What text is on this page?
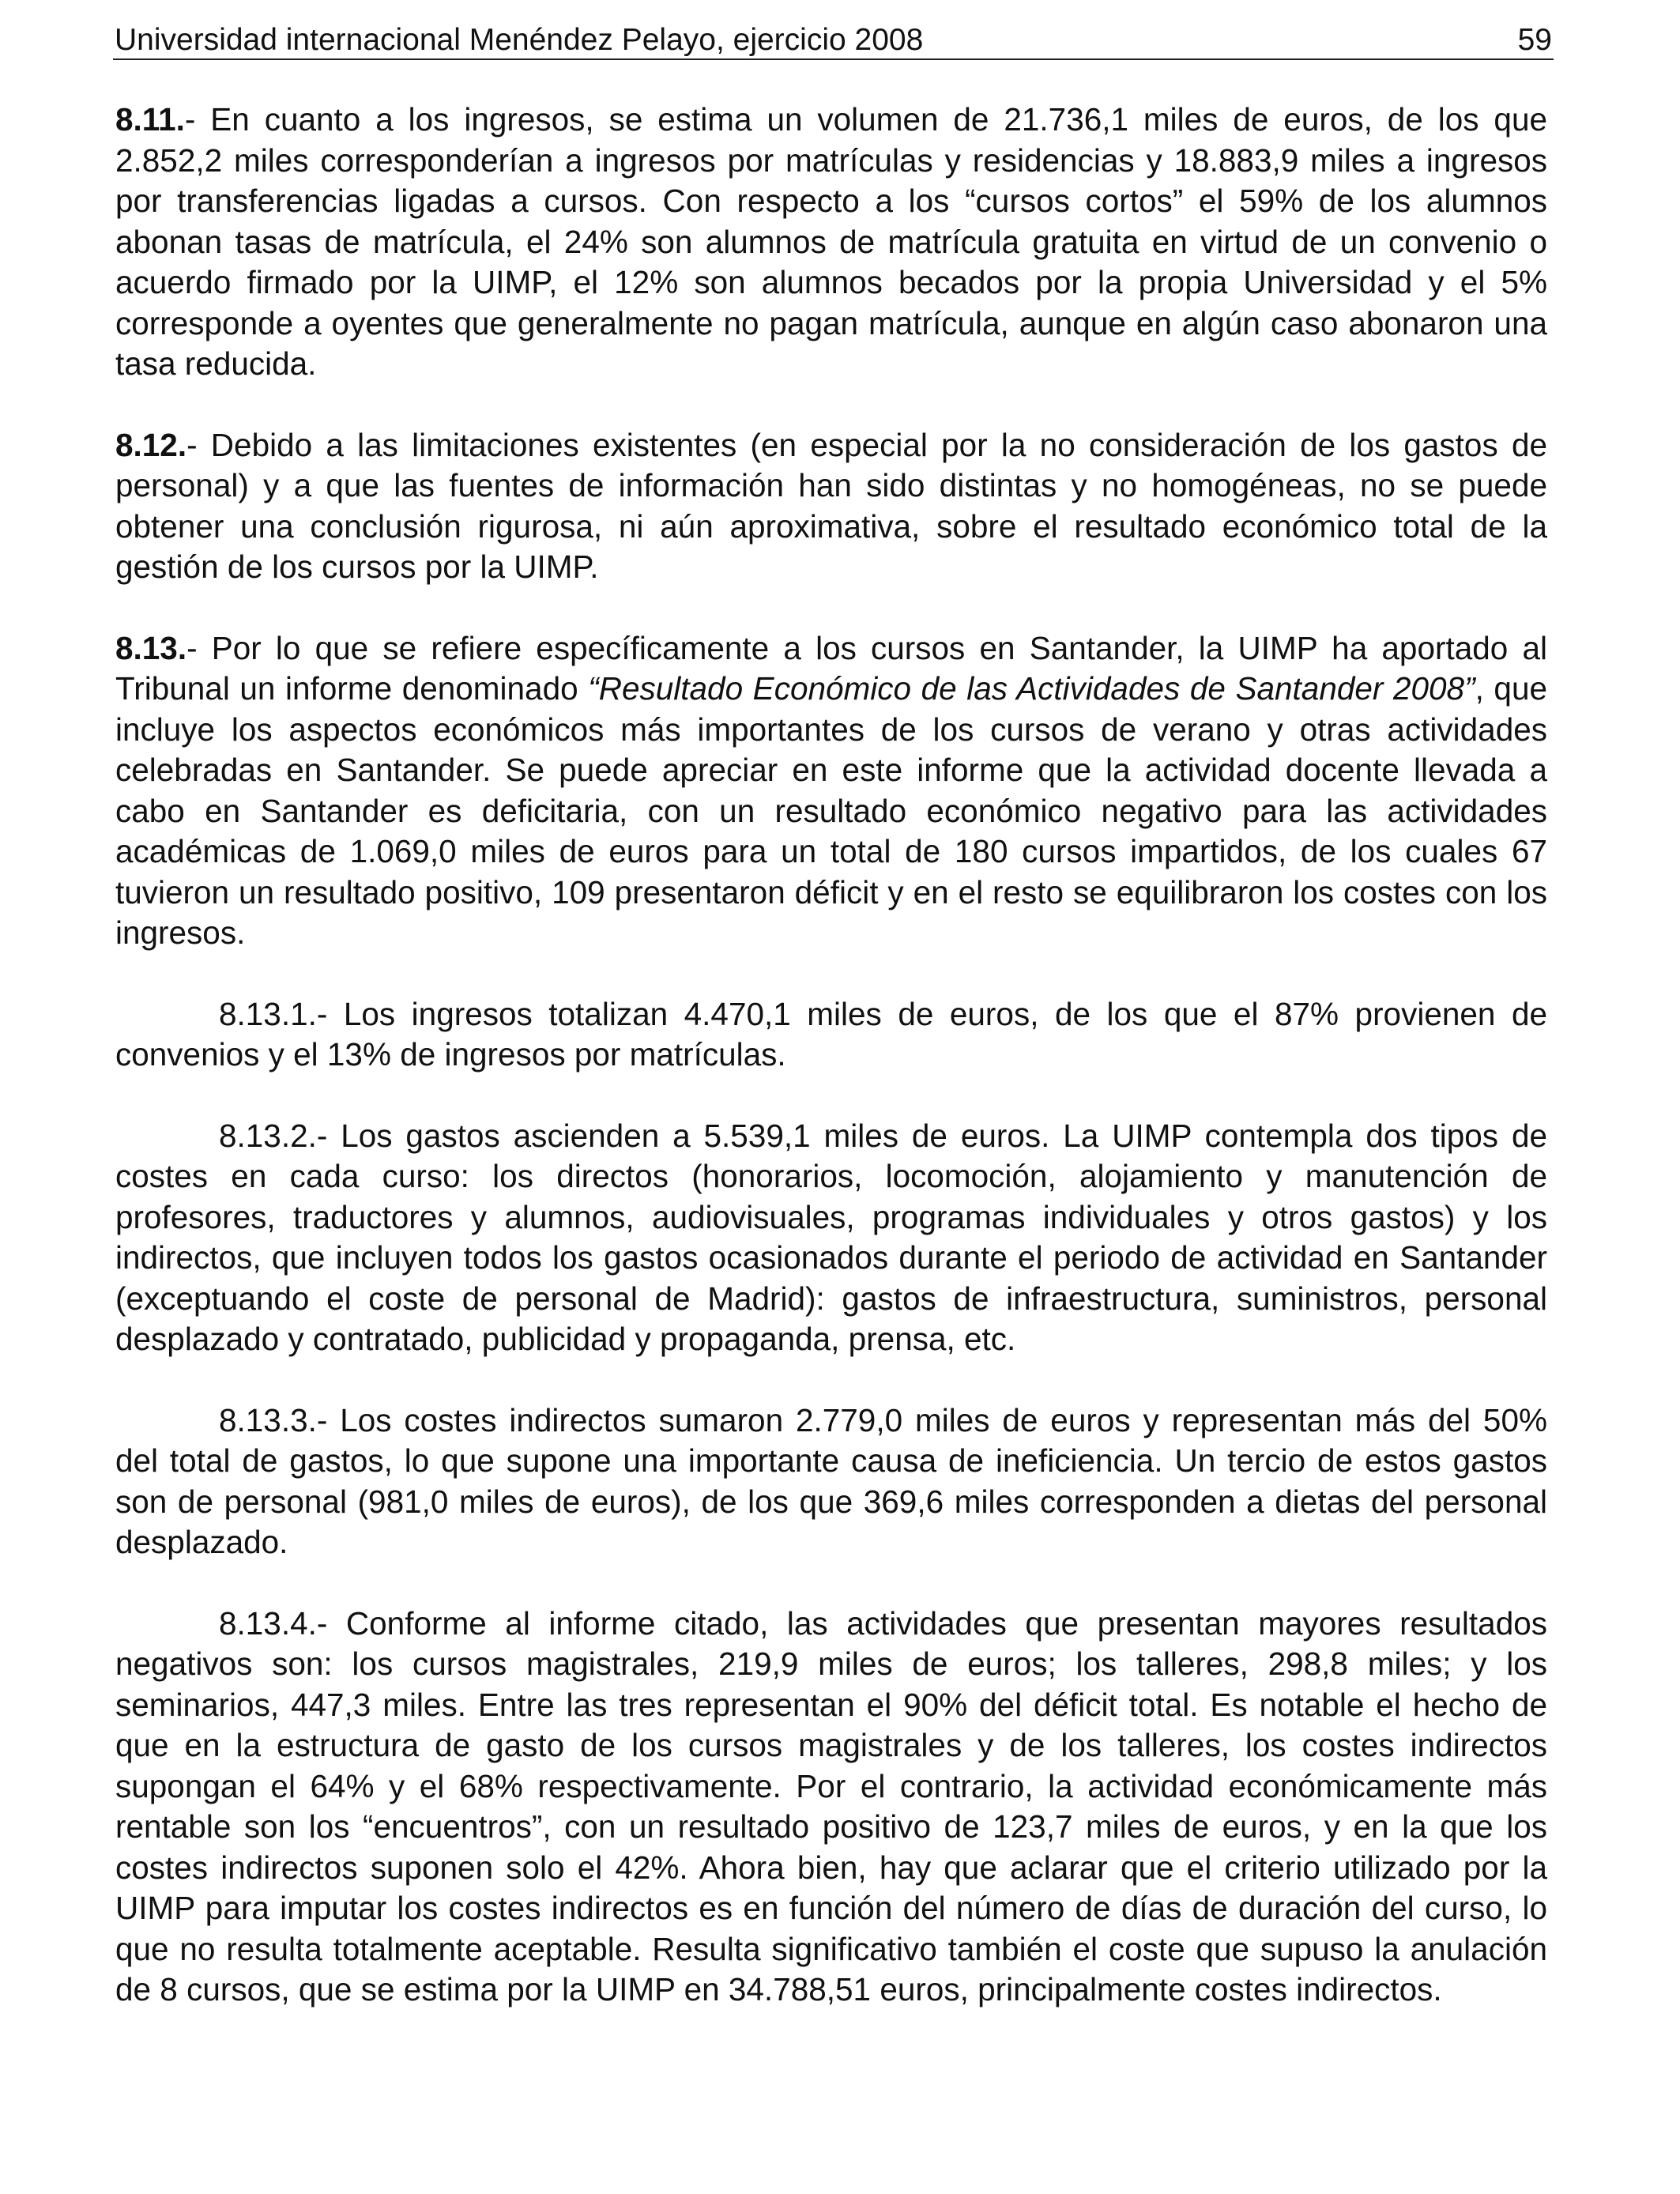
Universidad internacional Menéndez Pelayo, ejercicio 2008	59

8.11.- En cuanto a los ingresos, se estima un volumen de 21.736,1 miles de euros, de los que 2.852,2 miles corresponderían a ingresos por matrículas y residencias y 18.883,9 miles a ingresos por transferencias ligadas a cursos. Con respecto a los “cursos cortos” el 59% de los alumnos abonan tasas de matrícula, el 24% son alumnos de matrícula gratuita en virtud de un convenio o acuerdo firmado por la UIMP, el 12% son alumnos becados por la propia Universidad y el 5% corresponde a oyentes que generalmente no pagan matrícula, aunque en algún caso abonaron una tasa reducida.

8.12.- Debido a las limitaciones existentes (en especial por la no consideración de los gastos de personal) y a que las fuentes de información han sido distintas y no homogéneas, no se puede obtener una conclusión rigurosa, ni aún aproximativa, sobre el resultado económico total de la gestión de los cursos por la UIMP.

8.13.- Por lo que se refiere específicamente a los cursos en Santander, la UIMP ha aportado al Tribunal un informe denominado “Resultado Económico de las Actividades de Santander 2008”, que incluye los aspectos económicos más importantes de los cursos de verano y otras actividades celebradas en Santander. Se puede apreciar en este informe que la actividad docente llevada a cabo en Santander es deficitaria, con un resultado económico negativo para las actividades académicas de 1.069,0 miles de euros para un total de 180 cursos impartidos, de los cuales 67 tuvieron un resultado positivo, 109 presentaron déficit y en el resto se equilibraron los costes con los ingresos.

8.13.1.- Los ingresos totalizan 4.470,1 miles de euros, de los que el 87% provienen de convenios y el 13% de ingresos por matrículas.

8.13.2.- Los gastos ascienden a 5.539,1 miles de euros. La UIMP contempla dos tipos de costes en cada curso: los directos (honorarios, locomoción, alojamiento y manutención de profesores, traductores y alumnos, audiovisuales, programas individuales y otros gastos) y los indirectos, que incluyen todos los gastos ocasionados durante el periodo de actividad en Santander (exceptuando el coste de personal de Madrid): gastos de infraestructura, suministros, personal desplazado y contratado, publicidad y propaganda, prensa, etc.

8.13.3.- Los costes indirectos sumaron 2.779,0 miles de euros y representan más del 50% del total de gastos, lo que supone una importante causa de ineficiencia. Un tercio de estos gastos son de personal (981,0 miles de euros), de los que 369,6 miles corresponden a dietas del personal desplazado.

8.13.4.- Conforme al informe citado, las actividades que presentan mayores resultados negativos son: los cursos magistrales, 219,9 miles de euros; los talleres, 298,8 miles; y los seminarios, 447,3 miles. Entre las tres representan el 90% del déficit total. Es notable el hecho de que en la estructura de gasto de los cursos magistrales y de los talleres, los costes indirectos supongan el 64% y el 68% respectivamente. Por el contrario, la actividad económicamente más rentable son los “encuentros”, con un resultado positivo de 123,7 miles de euros, y en la que los costes indirectos suponen solo el 42%. Ahora bien, hay que aclarar que el criterio utilizado por la UIMP para imputar los costes indirectos es en función del número de días de duración del curso, lo que no resulta totalmente aceptable. Resulta significativo también el coste que supuso la anulación de 8 cursos, que se estima por la UIMP en 34.788,51 euros, principalmente costes indirectos.
